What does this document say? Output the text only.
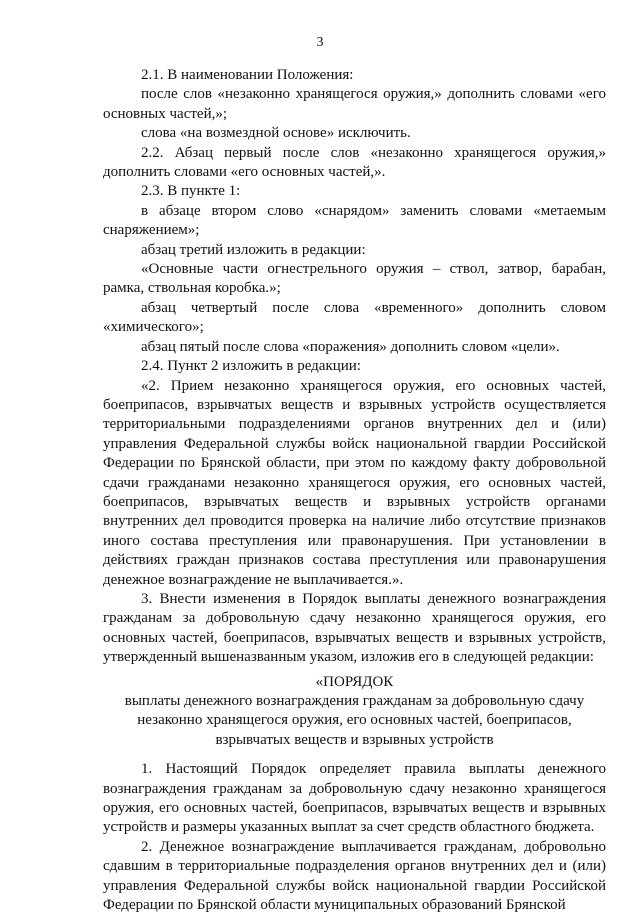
3

2.1. В наименовании Положения:

после слов «незаконно хранящегося оружия,» дополнить словами «его основных частей,»;

слова «на возмездной основе» исключить.

2.2. Абзац первый после слов «незаконно хранящегося оружия,» дополнить словами «его основных частей,».

2.3. В пункте 1:

в абзаце втором слово «снарядом» заменить словами «метаемым снаряжением»;

абзац третий изложить в редакции:

«Основные части огнестрельного оружия – ствол, затвор, барабан, рамка, ствольная коробка.»;

абзац четвертый после слова «временного» дополнить словом «химического»;

абзац пятый после слова «поражения» дополнить словом «цели».

2.4. Пункт 2 изложить в редакции:

«2. Прием незаконно хранящегося оружия, его основных частей, боеприпасов, взрывчатых веществ и взрывных устройств осуществляется территориальными подразделениями органов внутренних дел и (или) управления Федеральной службы войск национальной гвардии Российской Федерации по Брянской области, при этом по каждому факту добровольной сдачи гражданами незаконно хранящегося оружия, его основных частей, боеприпасов, взрывчатых веществ и взрывных устройств органами внутренних дел проводится проверка на наличие либо отсутствие признаков иного состава преступления или правонарушения. При установлении в действиях граждан признаков состава преступления или правонарушения денежное вознаграждение не выплачивается.».

3. Внести изменения в Порядок выплаты денежного вознаграждения гражданам за добровольную сдачу незаконно хранящегося оружия, его основных частей, боеприпасов, взрывчатых веществ и взрывных устройств, утвержденный вышеназванным указом, изложив его в следующей редакции:

«ПОРЯДОК
выплаты денежного вознаграждения гражданам за добровольную сдачу
незаконно хранящегося оружия, его основных частей, боеприпасов,
взрывчатых веществ и взрывных устройств

1. Настоящий Порядок определяет правила выплаты денежного вознаграждения гражданам за добровольную сдачу незаконно хранящегося оружия, его основных частей, боеприпасов, взрывчатых веществ и взрывных устройств и размеры указанных выплат за счет средств областного бюджета.

2. Денежное вознаграждение выплачивается гражданам, добровольно сдавшим в территориальные подразделения органов внутренних дел и (или) управления Федеральной службы войск национальной гвардии Российской Федерации по Брянской области муниципальных образований Брянской
